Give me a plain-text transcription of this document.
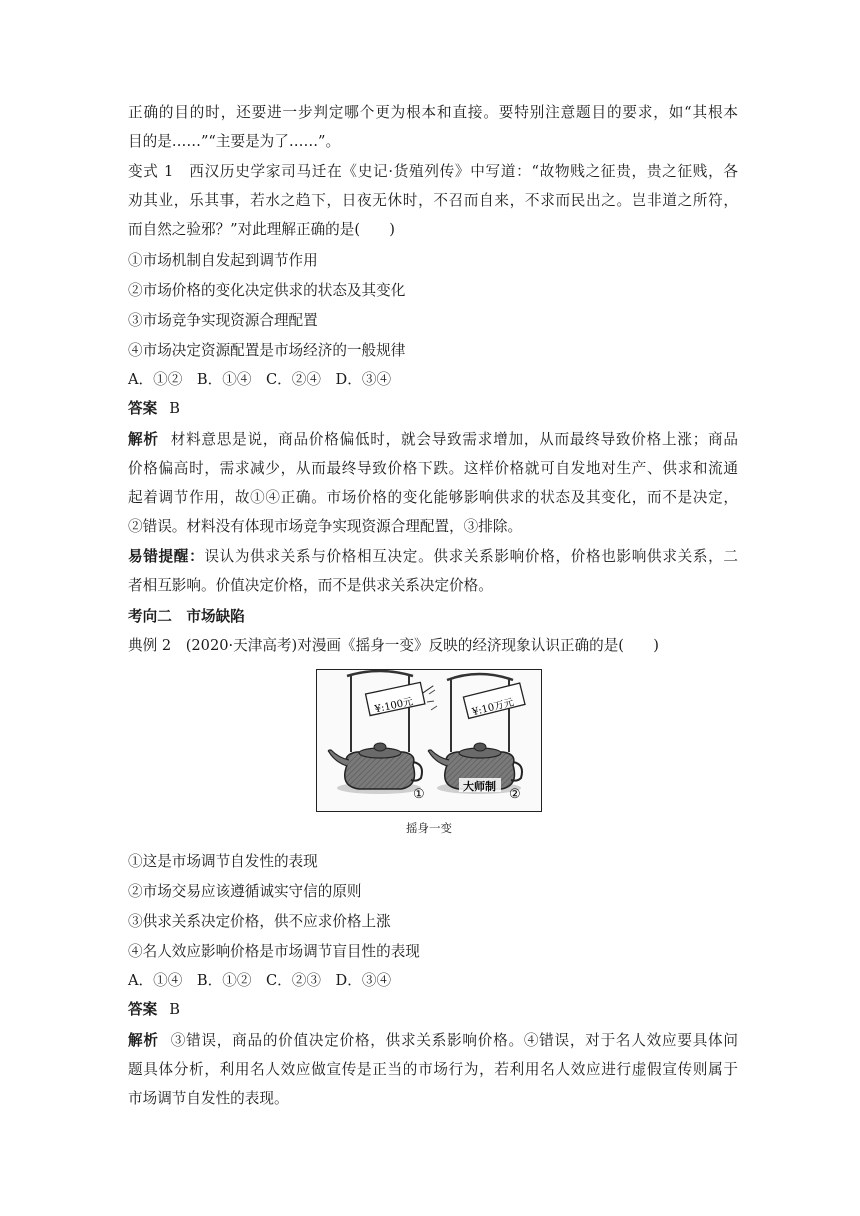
正确的目的时，还要进一步判定哪个更为根本和直接。要特别注意题目的要求，如“其根本
目的是……”“主要是为了……”。
变式 1　西汉历史学家司马迁在《史记·货殖列传》中写道：“故物贱之征贵，贵之征贱，各
劝其业，乐其事，若水之趋下，日夜无休时，不召而自来，不求而民出之。岂非道之所符，
而自然之验邪？”对此理解正确的是(　　)
①市场机制自发起到调节作用
②市场价格的变化决定供求的状态及其变化
③市场竞争实现资源合理配置
④市场决定资源配置是市场经济的一般规律
A．①②　B．①④　C．②④　D．③④
答案 B
解析 材料意思是说，商品价格偏低时，就会导致需求增加，从而最终导致价格上涨；商品
价格偏高时，需求减少，从而最终导致价格下跌。这样价格就可自发地对生产、供求和流通
起着调节作用，故①④正确。市场价格的变化能够影响供求的状态及其变化，而不是决定，
②错误。材料没有体现市场竞争实现资源合理配置，③排除。
易错提醒：误认为供求关系与价格相互决定。供求关系影响价格，价格也影响供求关系，二
者相互影响。价值决定价格，而不是供求关系决定价格。
考向二　市场缺陷
典例 2　(2020·天津高考)对漫画《摇身一变》反映的经济现象认识正确的是(　　)
¥:100元	¥:10万元
①
大师制
②
摇身一变
①这是市场调节自发性的表现
②市场交易应该遵循诚实守信的原则
③供求关系决定价格，供不应求价格上涨
④名人效应影响价格是市场调节盲目性的表现
A．①④　B．①②　C．②③　D．③④
答案 B
解析 ③错误，商品的价值决定价格，供求关系影响价格。④错误，对于名人效应要具体问
题具体分析，利用名人效应做宣传是正当的市场行为，若利用名人效应进行虚假宣传则属于
市场调节自发性的表现。
